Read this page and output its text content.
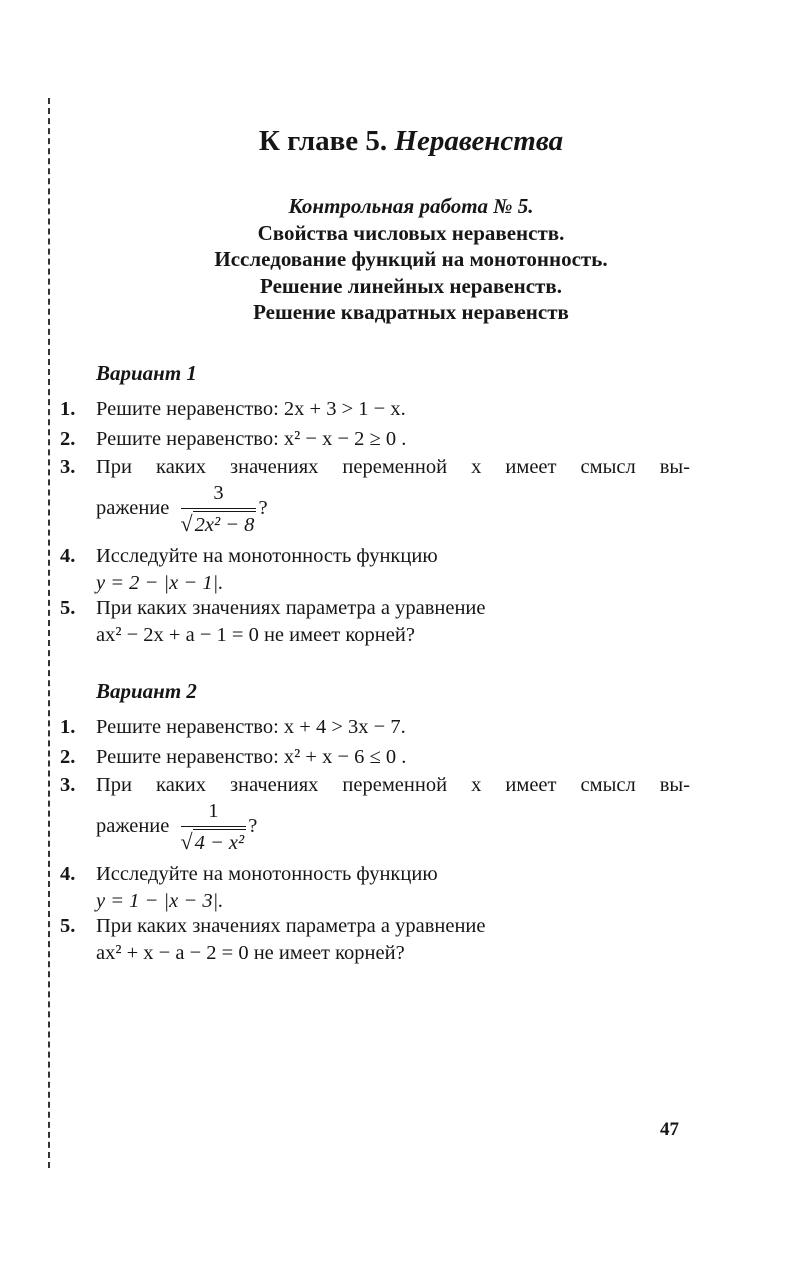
К главе 5. Неравенства
Контрольная работа № 5.
Свойства числовых неравенств.
Исследование функций на монотонность.
Решение линейных неравенств.
Решение квадратных неравенств
Вариант 1
1.	Решите неравенство: 2x + 3 > 1 − x.
2.	Решите неравенство: x² − x − 2 ≥ 0 .
3.	При каких значениях переменной x имеет смысл вы-
ражение $\frac{3}{\text{√2x² − 8}}$ ?
4.	Исследуйте на монотонность функцию
y = 2 − |x − 1|.
5.	При каких значениях параметра a уравнение
ax² − 2x + a − 1 = 0 не имеет корней?
Вариант 2
1.	Решите неравенство: x + 4 > 3x − 7.
2.	Решите неравенство: x² + x − 6 ≤ 0 .
3.	При каких значениях переменной x имеет смысл вы-
ражение $\frac{1}{\text{√4 − x²}}$ ?
4.	Исследуйте на монотонность функцию
y = 1 − |x − 3|.
5.	При каких значениях параметра a уравнение
ax² + x − a − 2 = 0 не имеет корней?
47
